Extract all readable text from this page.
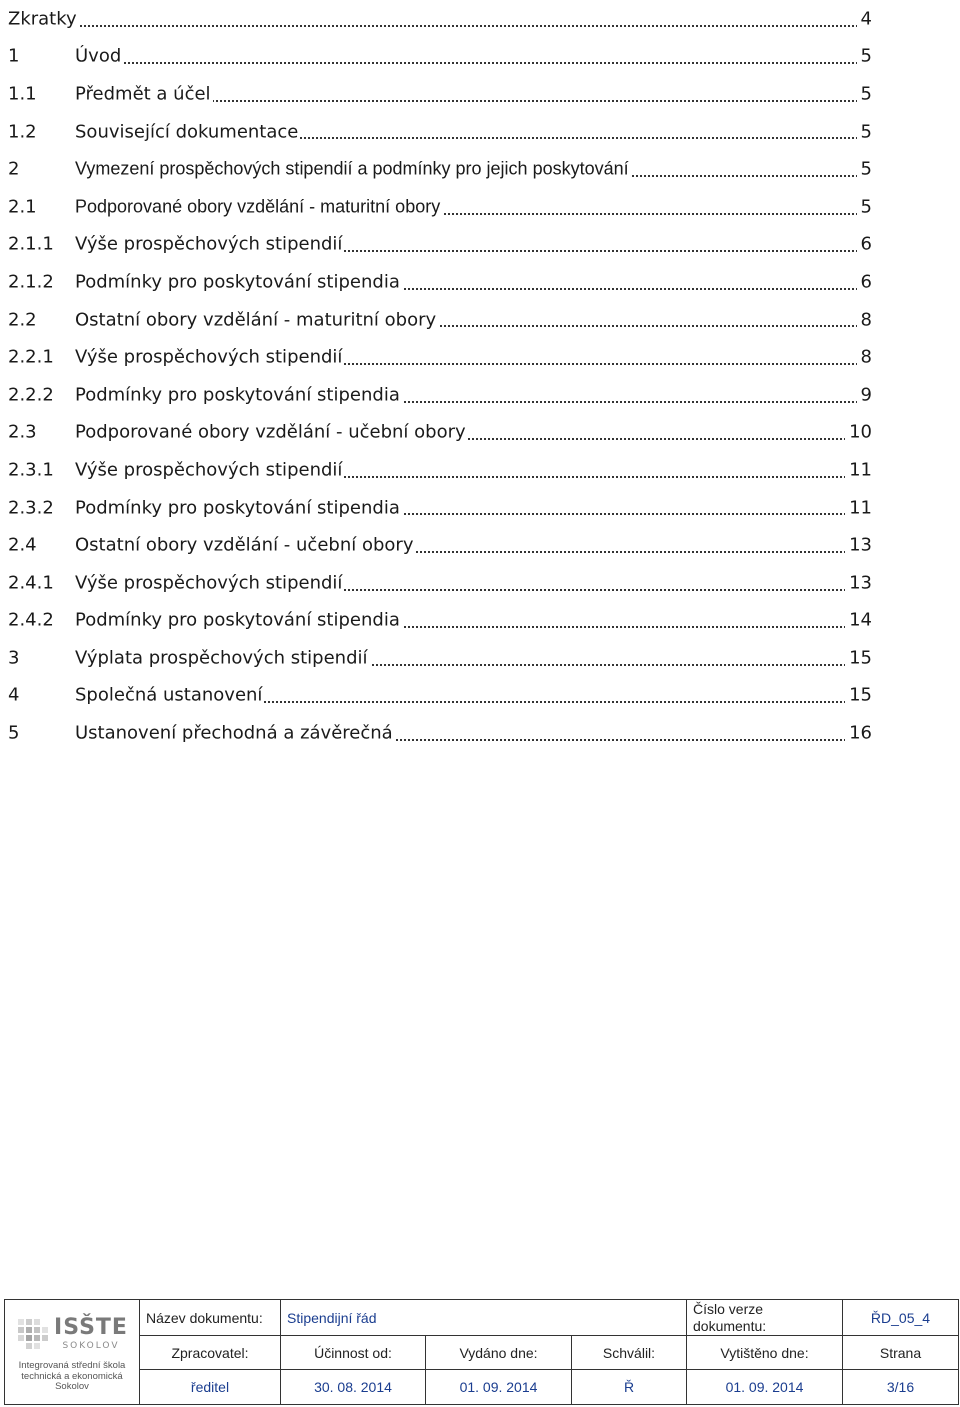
Zkratky	4
1	Úvod	5
1.1 Předmět a účel	5
1.2 Související dokumentace	5
2	Vymezení prospěchových stipendií a podmínky pro jejich poskytování	5
2.1 Podporované obory vzdělání - maturitní obory	5
2.1.1 Výše prospěchových stipendií	6
2.1.2 Podmínky pro poskytování stipendia	6
2.2 Ostatní obory vzdělání - maturitní obory	8
2.2.1 Výše prospěchových stipendií	8
2.2.2 Podmínky pro poskytování stipendia	9
2.3 Podporované obory vzdělání - učební obory	10
2.3.1 Výše prospěchových stipendií	11
2.3.2 Podmínky pro poskytování stipendia	11
2.4 Ostatní obory vzdělání - učební obory	13
2.4.1 Výše prospěchových stipendií	13
2.4.2 Podmínky pro poskytování stipendia	14
3	Výplata prospěchových stipendií	15
4	Společná ustanovení	15
5	Ustanovení přechodná a závěrečná	16
ISŠTE
SOKOLOV
Integrovaná střední škola
technická a ekonomická
Sokolov	Název dokumentu:	Stipendijní řád			Číslo verze dokumentu:	ŘD_05_4
	Zpracovatel:	Účinnost od:	Vydáno dne:	Schválil:	Vytištěno dne:	Strana
	ředitel	30. 08. 2014	01. 09. 2014	Ř	01. 09. 2014	3/16
